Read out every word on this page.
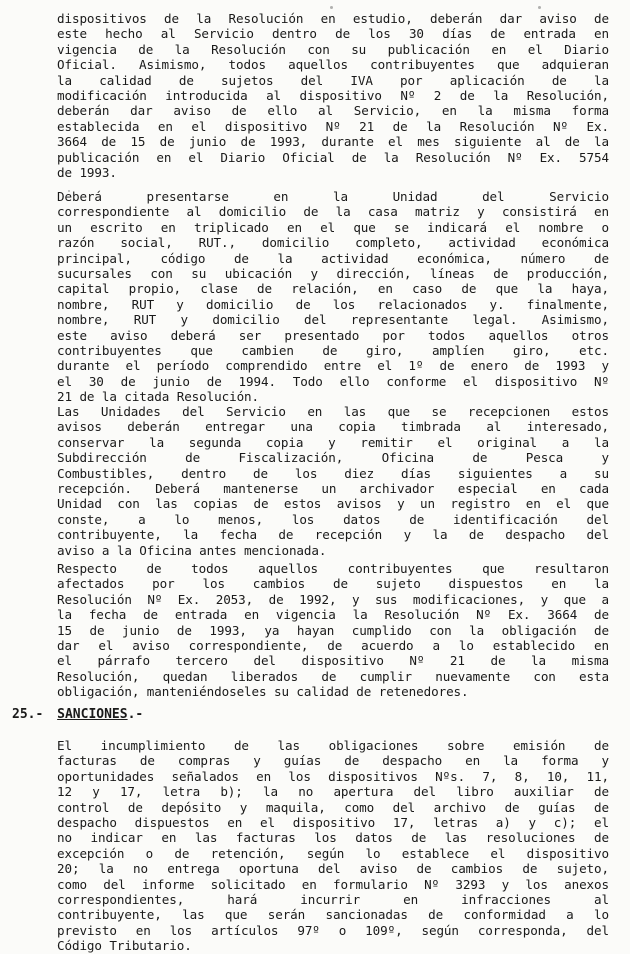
dispositivos de la Resolución en estudio, deberán dar aviso de
este hecho al Servicio dentro de los 30 días de entrada en
vigencia de la Resolución con su publicación en el Diario
Oficial. Asimismo, todos aquellos contribuyentes que adquieran
la calidad de sujetos del IVA por aplicación de la
modificación introducida al dispositivo Nº 2 de la Resolución,
deberán dar aviso de ello al Servicio, en la misma forma
establecida en el dispositivo Nº 21 de la Resolución Nº Ex.
3664 de 15 de junio de 1993, durante el mes siguiente al de la
publicación en el Diario Oficial de la Resolución Nº Ex. 5754
de 1993.
Deberá presentarse en la Unidad del Servicio
correspondiente al domicilio de la casa matriz y consistirá en
un escrito en triplicado en el que se indicará el nombre o
razón social, RUT., domicilio completo, actividad económica
principal, código de la actividad económica, número de
sucursales con su ubicación y dirección, líneas de producción,
capital propio, clase de relación, en caso de que la haya,
nombre, RUT y domicilio de los relacionados y. finalmente,
nombre, RUT y domicilio del representante legal. Asimismo,
este aviso deberá ser presentado por todos aquellos otros
contribuyentes que cambien de giro, amplíen giro, etc.
durante el período comprendido entre el 1º de enero de 1993 y
el 30 de junio de 1994. Todo ello conforme el dispositivo Nº
21 de la citada Resolución.
Las Unidades del Servicio en las que se recepcionen estos
avisos deberán entregar una copia timbrada al interesado,
conservar la segunda copia y remitir el original a la
Subdirección de Fiscalización, Oficina de Pesca y
Combustibles, dentro de los diez días siguientes a su
recepción. Deberá mantenerse un archivador especial en cada
Unidad con las copias de estos avisos y un registro en el que
conste, a lo menos, los datos de identificación del
contribuyente, la fecha de recepción y la de despacho del
aviso a la Oficina antes mencionada.
Respecto de todos aquellos contribuyentes que resultaron
afectados por los cambios de sujeto dispuestos en la
Resolución Nº Ex. 2053, de 1992, y sus modificaciones, y que a
la fecha de entrada en vigencia la Resolución Nº Ex. 3664 de
15 de junio de 1993, ya hayan cumplido con la obligación de
dar el aviso correspondiente, de acuerdo a lo establecido en
el párrafo tercero del dispositivo Nº 21 de la misma
Resolución, quedan liberados de cumplir nuevamente con esta
obligación, manteniéndoseles su calidad de retenedores.
25.- SANCIONES.-
El incumplimiento de las obligaciones sobre emisión de
facturas de compras y guías de despacho en la forma y
oportunidades señalados en los dispositivos Nºs. 7, 8, 10, 11,
12 y 17, letra b); la no apertura del libro auxiliar de
control de depósito y maquila, como del archivo de guías de
despacho dispuestos en el dispositivo 17, letras a) y c); el
no indicar en las facturas los datos de las resoluciones de
excepción o de retención, según lo establece el dispositivo
20; la no entrega oportuna del aviso de cambios de sujeto,
como del informe solicitado en formulario Nº 3293 y los anexos
correspondientes, hará incurrir en infracciones al
contribuyente, las que serán sancionadas de conformidad a lo
previsto en los artículos 97º o 109º, según corresponda, del
Código Tributario.
